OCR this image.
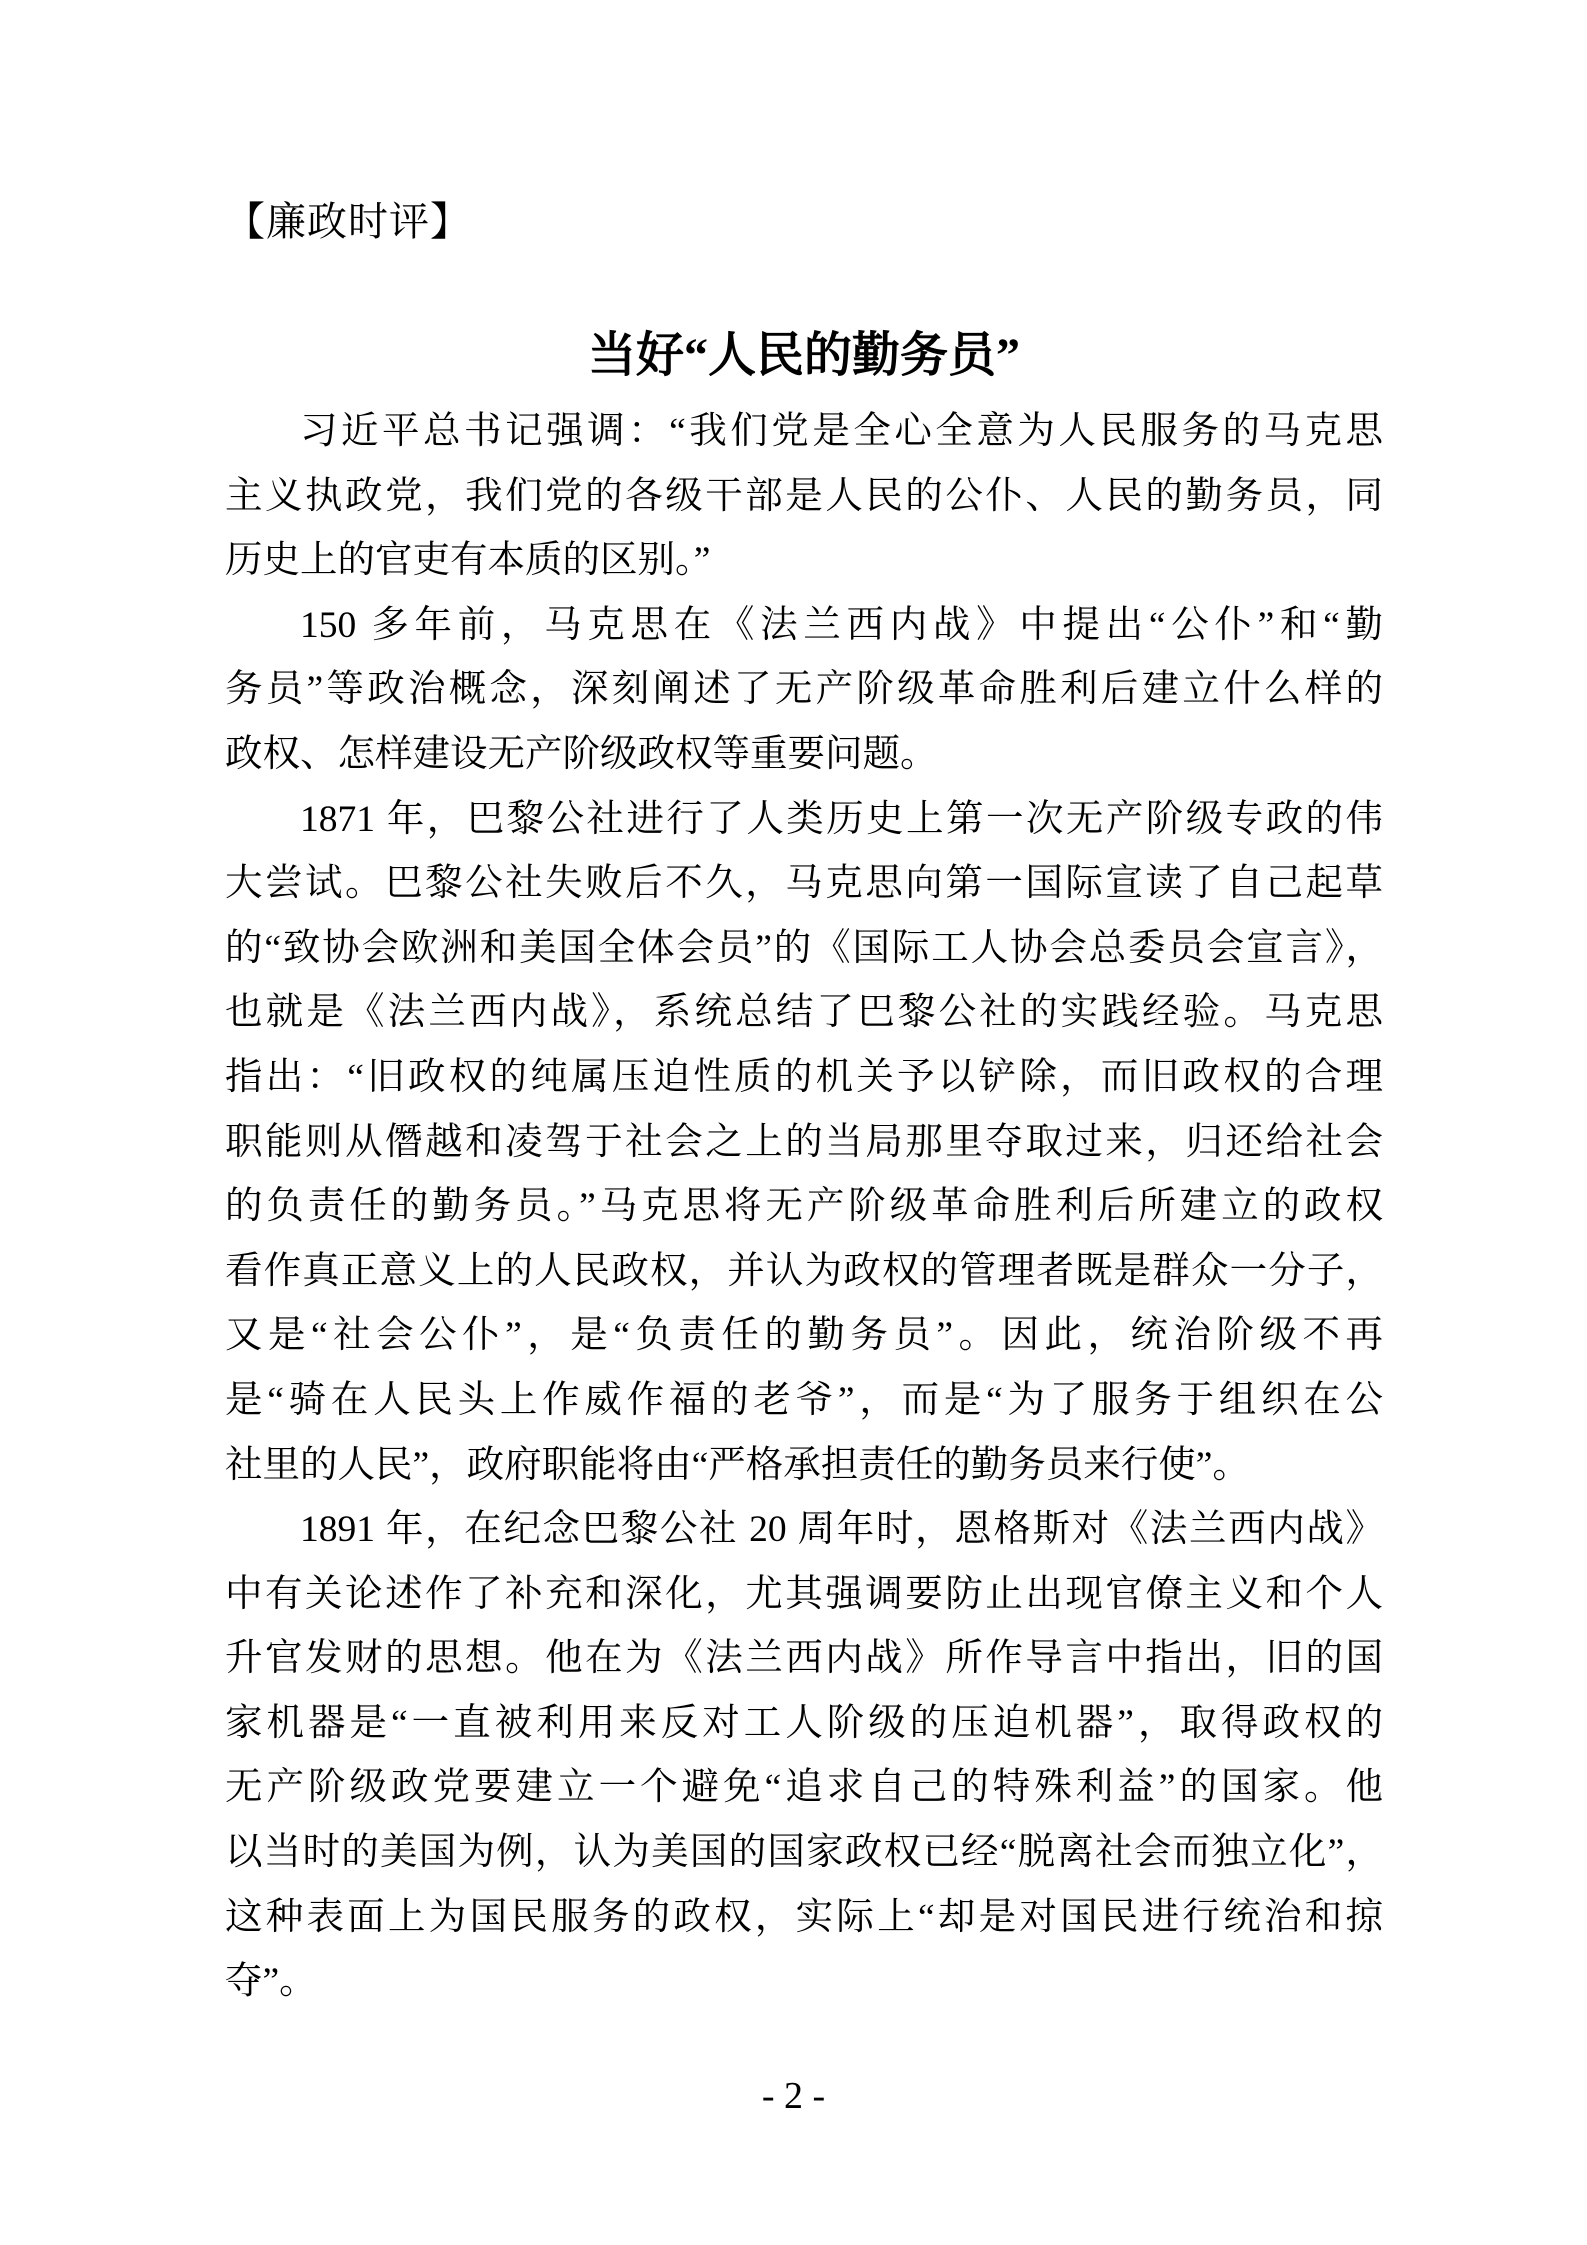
【廉政时评】
当好“人民的勤务员”
习近平总书记强调：“我们党是全心全意为人民服务的马克思
主义执政党，我们党的各级干部是人民的公仆、人民的勤务员，同
历史上的官吏有本质的区别。”
150 多年前，马克思在《法兰西内战》中提出“公仆”和“勤
务员”等政治概念，深刻阐述了无产阶级革命胜利后建立什么样的
政权、怎样建设无产阶级政权等重要问题。
1871 年，巴黎公社进行了人类历史上第一次无产阶级专政的伟
大尝试。巴黎公社失败后不久，马克思向第一国际宣读了自己起草
的“致协会欧洲和美国全体会员”的《国际工人协会总委员会宣言》，
也就是《法兰西内战》，系统总结了巴黎公社的实践经验。马克思
指出：“旧政权的纯属压迫性质的机关予以铲除，而旧政权的合理
职能则从僭越和凌驾于社会之上的当局那里夺取过来，归还给社会
的负责任的勤务员。”马克思将无产阶级革命胜利后所建立的政权
看作真正意义上的人民政权，并认为政权的管理者既是群众一分子，
又是“社会公仆”，是“负责任的勤务员”。因此，统治阶级不再
是“骑在人民头上作威作福的老爷”，而是“为了服务于组织在公
社里的人民”，政府职能将由“严格承担责任的勤务员来行使”。
1891 年，在纪念巴黎公社 20 周年时，恩格斯对《法兰西内战》
中有关论述作了补充和深化，尤其强调要防止出现官僚主义和个人
升官发财的思想。他在为《法兰西内战》所作导言中指出，旧的国
家机器是“一直被利用来反对工人阶级的压迫机器”，取得政权的
无产阶级政党要建立一个避免“追求自己的特殊利益”的国家。他
以当时的美国为例，认为美国的国家政权已经“脱离社会而独立化”，
这种表面上为国民服务的政权，实际上“却是对国民进行统治和掠
夺”。
- 2 -
